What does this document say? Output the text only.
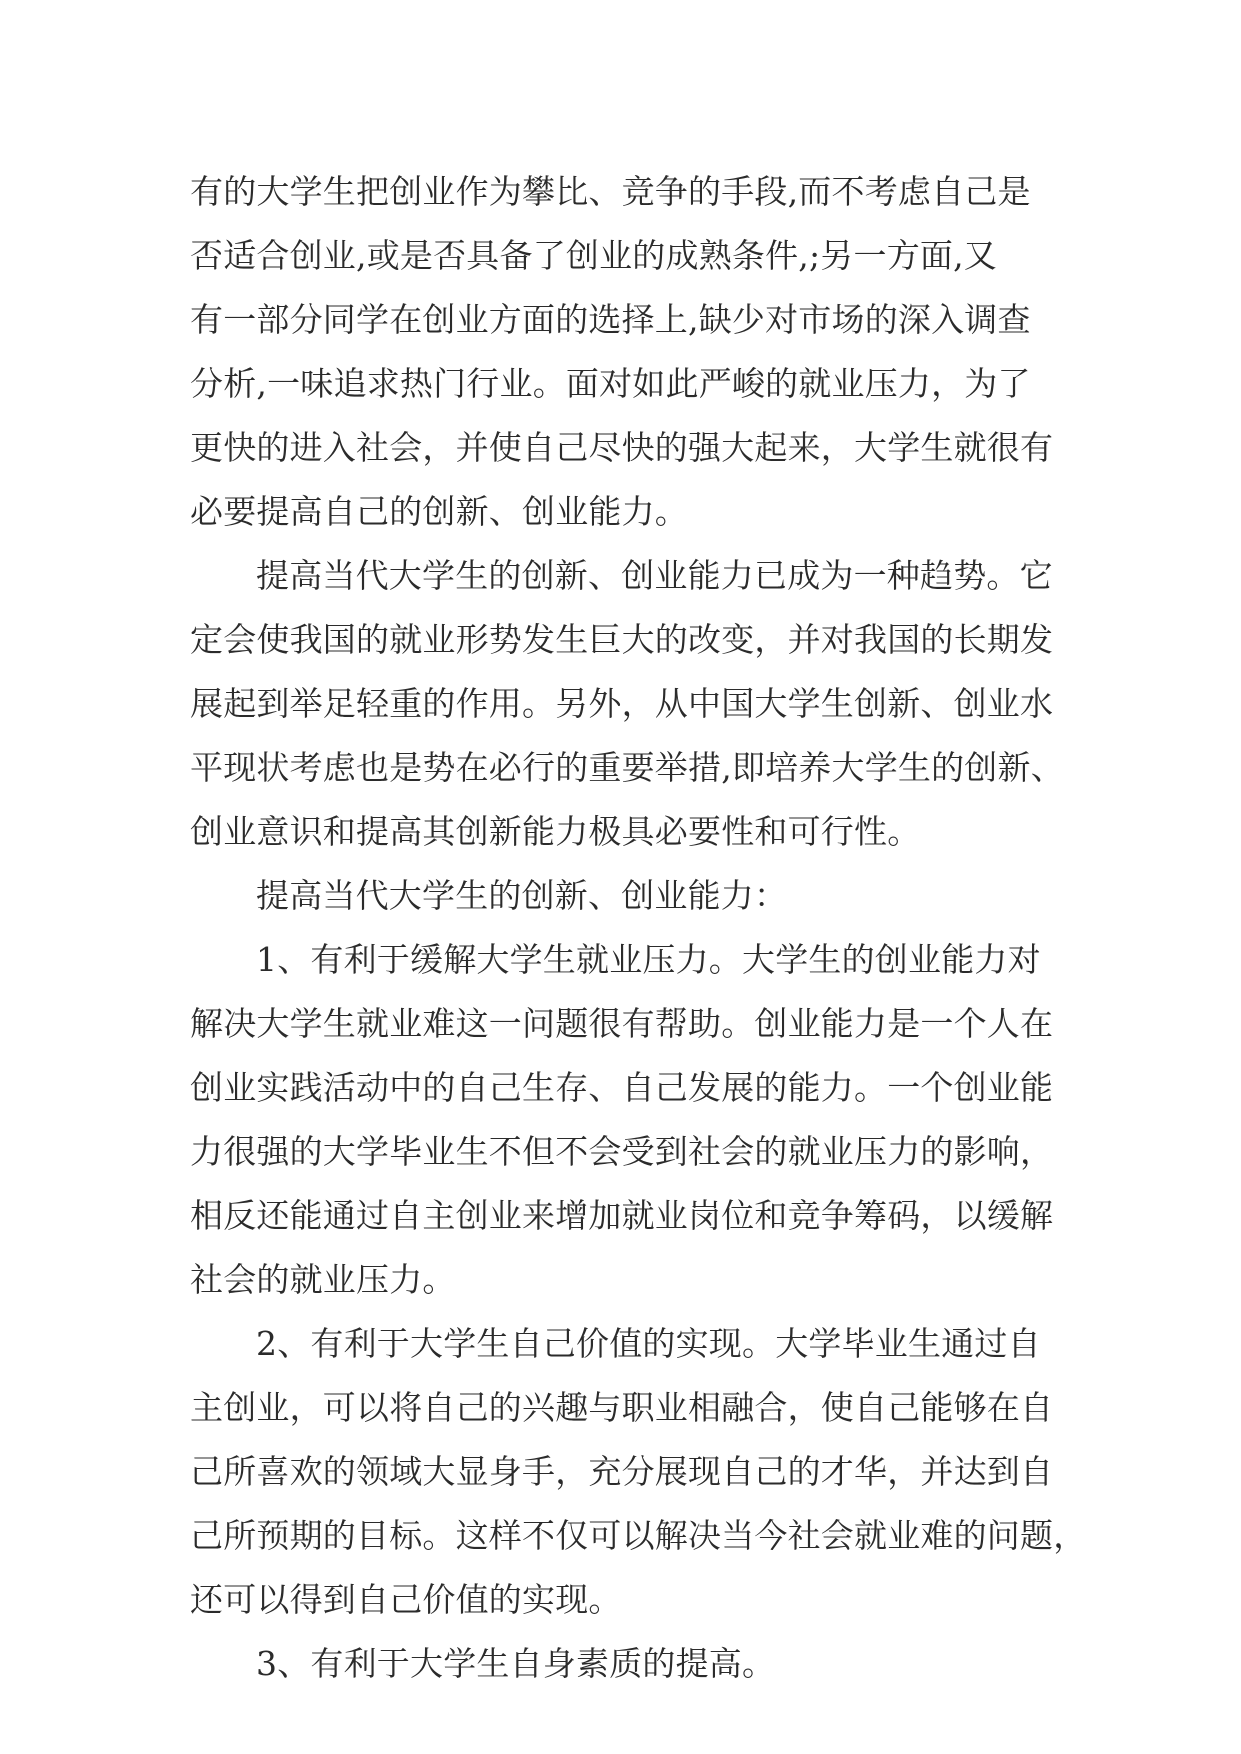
有的大学生把创业作为攀比、竞争的手段,而不考虑自己是
否适合创业,或是否具备了创业的成熟条件,;另一方面,又
有一部分同学在创业方面的选择上,缺少对市场的深入调查
分析,一味追求热门行业。面对如此严峻的就业压力，为了
更快的进入社会，并使自己尽快的强大起来，大学生就很有
必要提高自己的创新、创业能力。
提高当代大学生的创新、创业能力已成为一种趋势。它
定会使我国的就业形势发生巨大的改变，并对我国的长期发
展起到举足轻重的作用。另外，从中国大学生创新、创业水
平现状考虑也是势在必行的重要举措,即培养大学生的创新、
创业意识和提高其创新能力极具必要性和可行性。
提高当代大学生的创新、创业能力：
1、有利于缓解大学生就业压力。大学生的创业能力对
解决大学生就业难这一问题很有帮助。创业能力是一个人在
创业实践活动中的自己生存、自己发展的能力。一个创业能
力很强的大学毕业生不但不会受到社会的就业压力的影响，
相反还能通过自主创业来增加就业岗位和竞争筹码，以缓解
社会的就业压力。
2、有利于大学生自己价值的实现。大学毕业生通过自
主创业，可以将自己的兴趣与职业相融合，使自己能够在自
己所喜欢的领域大显身手，充分展现自己的才华，并达到自
己所预期的目标。这样不仅可以解决当今社会就业难的问题，
还可以得到自己价值的实现。
3、有利于大学生自身素质的提高。
